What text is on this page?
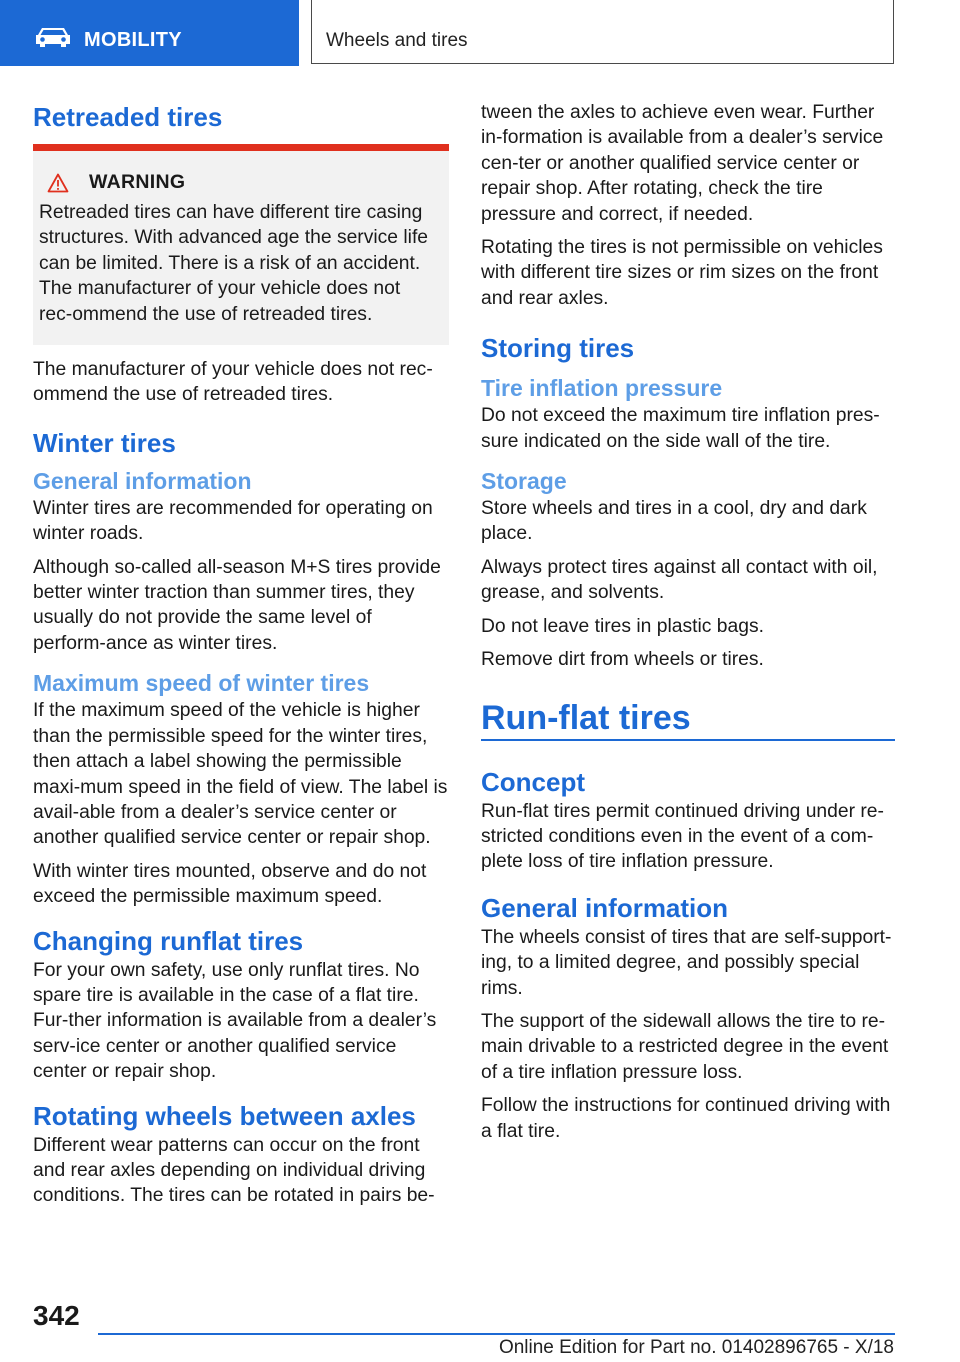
MOBILITY	Wheels and tires
Retreaded tires
WARNING

Retreaded tires can have different tire casing structures. With advanced age the service life can be limited. There is a risk of an accident. The manufacturer of your vehicle does not rec-ommend the use of retreaded tires.

The manufacturer of your vehicle does not rec-ommend the use of retreaded tires.

Winter tires
General information

Winter tires are recommended for operating on winter roads.

Although so-called all-season M+S tires provide better winter traction than summer tires, they usually do not provide the same level of perform-ance as winter tires.

Maximum speed of winter tires

If the maximum speed of the vehicle is higher than the permissible speed for the winter tires, then attach a label showing the permissible maxi-mum speed in the field of view. The label is avail-able from a dealer’s service center or another qualified service center or repair shop.

With winter tires mounted, observe and do not exceed the permissible maximum speed.

Changing runflat tires

For your own safety, use only runflat tires. No spare tire is available in the case of a flat tire. Fur-ther information is available from a dealer’s serv-ice center or another qualified service center or repair shop.

Rotating wheels between axles

Different wear patterns can occur on the front and rear axles depending on individual driving conditions. The tires can be rotated in pairs be-

tween the axles to achieve even wear. Further in-formation is available from a dealer’s service cen-ter or another qualified service center or repair shop. After rotating, check the tire pressure and correct, if needed.

Rotating the tires is not permissible on vehicles with different tire sizes or rim sizes on the front and rear axles.

Storing tires
Tire inflation pressure

Do not exceed the maximum tire inflation pres-sure indicated on the side wall of the tire.

Storage

Store wheels and tires in a cool, dry and dark place.

Always protect tires against all contact with oil, grease, and solvents.

Do not leave tires in plastic bags.

Remove dirt from wheels or tires.

Run-flat tires
Concept

Run-flat tires permit continued driving under re-stricted conditions even in the event of a com-plete loss of tire inflation pressure.

General information

The wheels consist of tires that are self-support-ing, to a limited degree, and possibly special rims.

The support of the sidewall allows the tire to re-main drivable to a restricted degree in the event of a tire inflation pressure loss.

Follow the instructions for continued driving with a flat tire.

342
Online Edition for Part no. 01402896765 - X/18
